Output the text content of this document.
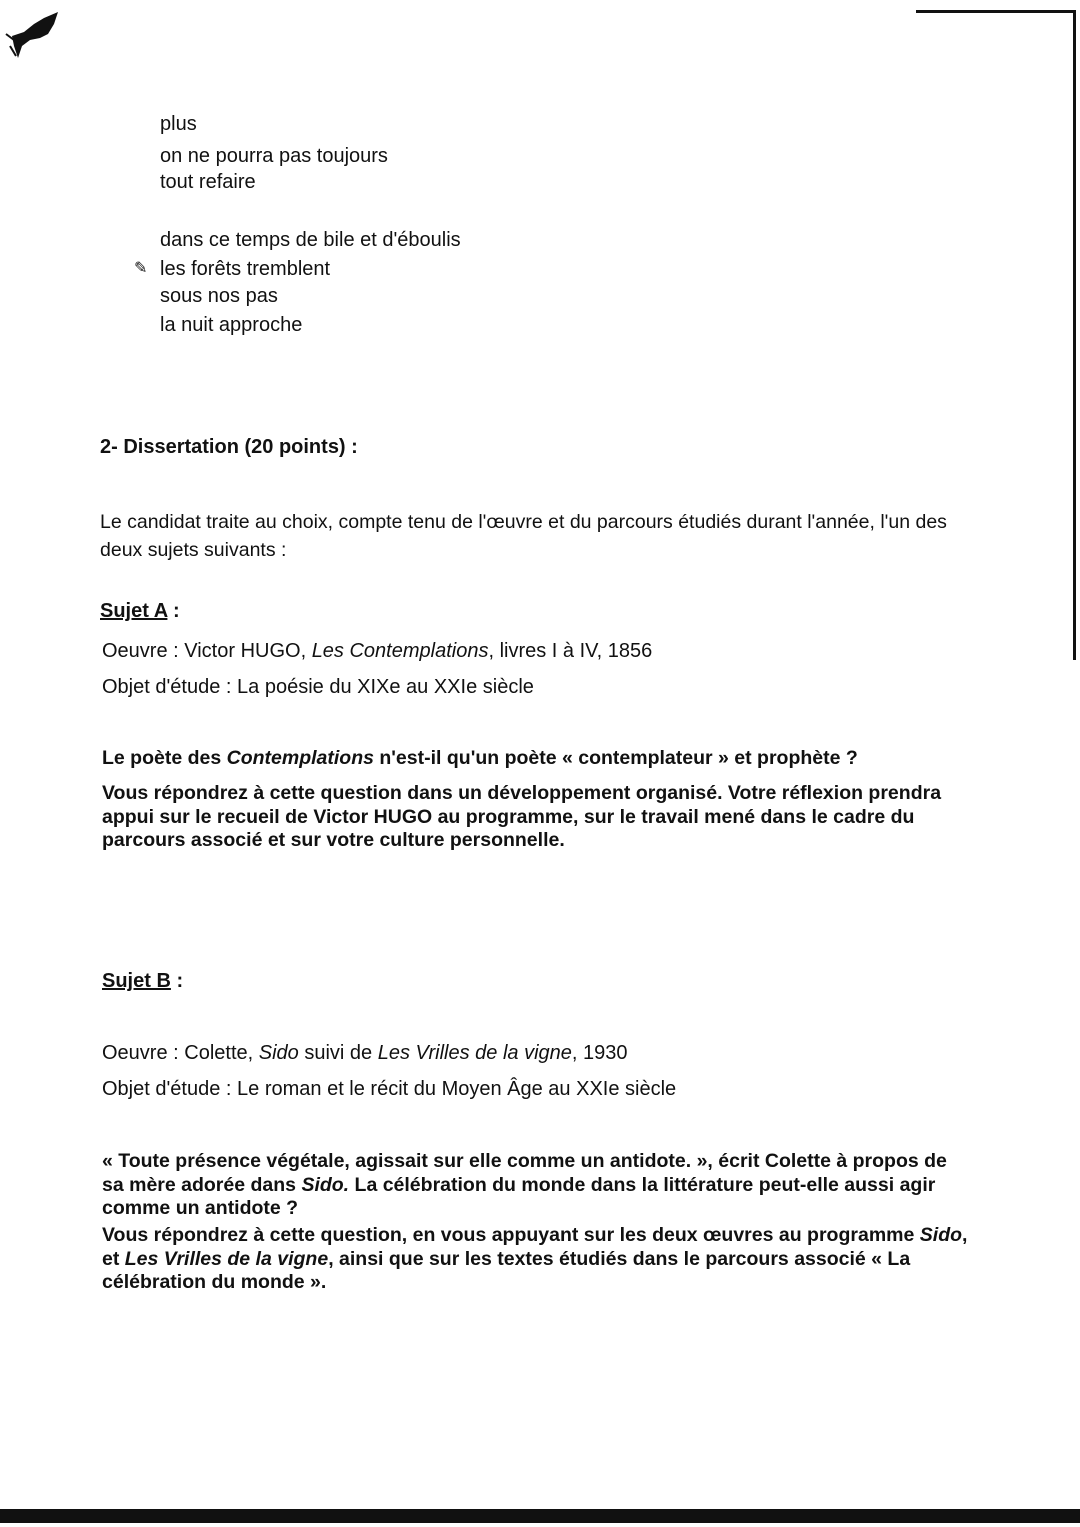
✎
plus
on ne pourra pas toujours
tout refaire
dans ce temps de bile et d'éboulis
les forêts tremblent
sous nos pas
la nuit approche
2- Dissertation (20 points) :
Le candidat traite au choix, compte tenu de l'œuvre et du parcours étudiés durant l'année, l'un des deux sujets suivants :
Sujet A :
Oeuvre : Victor HUGO, Les Contemplations, livres I à IV, 1856
Objet d'étude : La poésie du XIXe au XXIe siècle
Le poète des Contemplations n'est-il qu'un poète « contemplateur » et prophète ?
Vous répondrez à cette question dans un développement organisé. Votre réflexion prendra appui sur le recueil de Victor HUGO au programme, sur le travail mené dans le cadre du parcours associé et sur votre culture personnelle.
Sujet B :
Oeuvre : Colette, Sido suivi de Les Vrilles de la vigne, 1930
Objet d'étude : Le roman et le récit du Moyen Âge au XXIe siècle
« Toute présence végétale, agissait sur elle comme un antidote. », écrit Colette à propos de sa mère adorée dans Sido. La célébration du monde dans la littérature peut-elle aussi agir comme un antidote ?
Vous répondrez à cette question, en vous appuyant sur les deux œuvres au programme Sido, et Les Vrilles de la vigne, ainsi que sur les textes étudiés dans le parcours associé « La célébration du monde ».
